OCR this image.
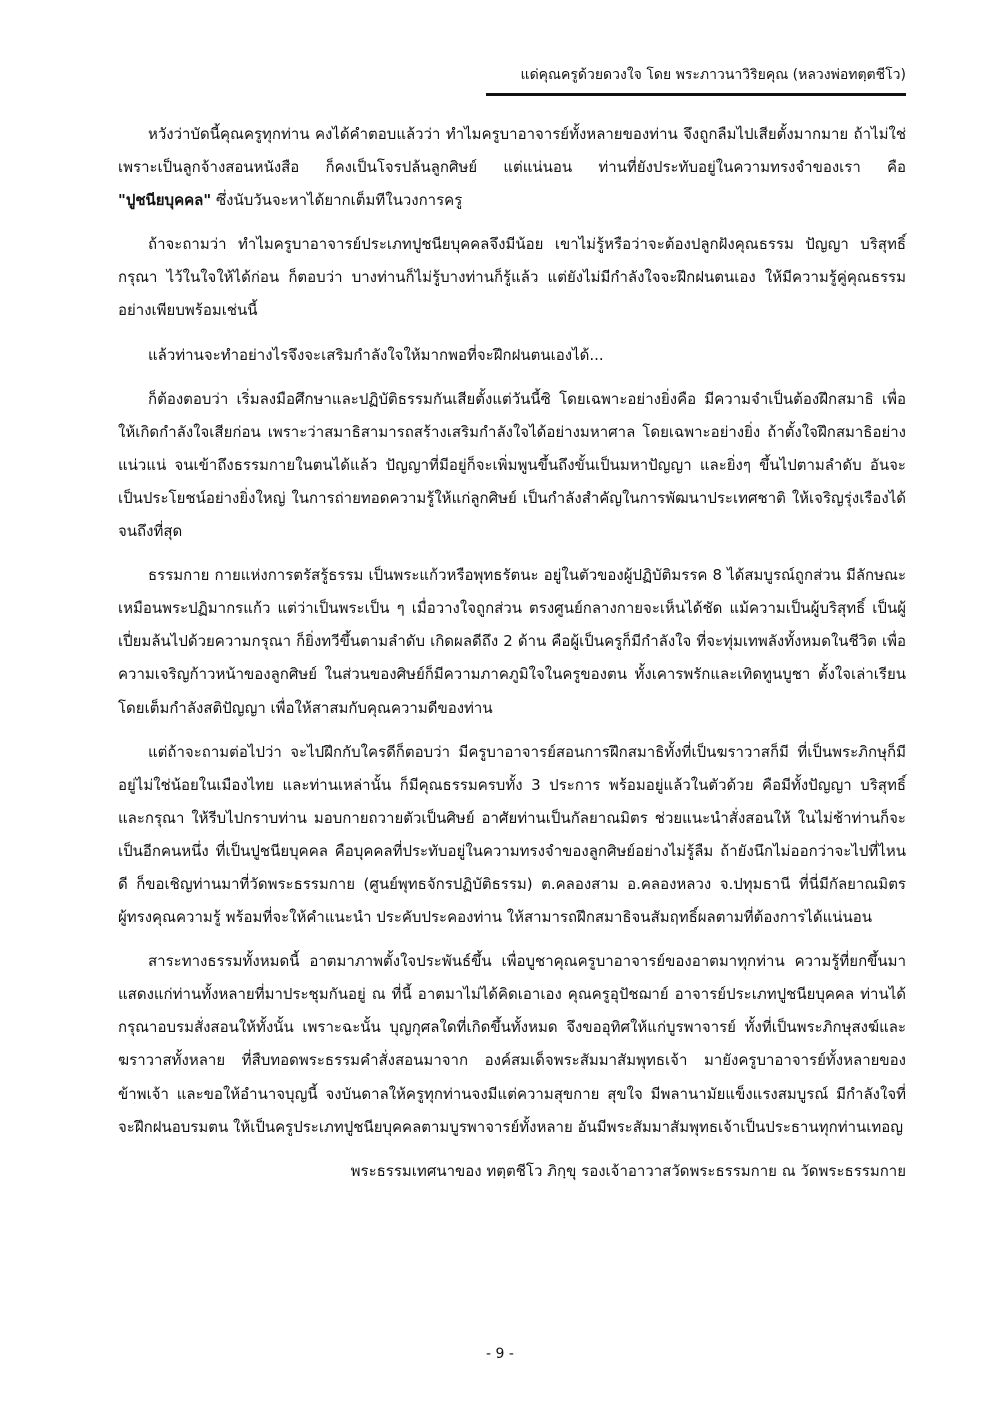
แด่คุณครูด้วยดวงใจ โดย พระภาวนาวิริยคุณ (หลวงพ่อทตฺตชีโว)

หวังว่าบัดนี้คุณครูทุกท่าน คงได้คำตอบแล้วว่า ทำไมครูบาอาจารย์ทั้งหลายของท่าน จึงถูกลืมไปเสียตั้งมากมาย ถ้าไม่ใช่เพราะเป็นลูกจ้างสอนหนังสือ ก็คงเป็นโจรปล้นลูกศิษย์ แต่แน่นอน ท่านที่ยังประทับอยู่ในความทรงจำของเรา คือ "ปูชนียบุคคล" ซึ่งนับวันจะหาได้ยากเต็มทีในวงการครู

ถ้าจะถามว่า ทำไมครูบาอาจารย์ประเภทปูชนียบุคคลจึงมีน้อย เขาไม่รู้หรือว่าจะต้องปลูกฝังคุณธรรม ปัญญา บริสุทธิ์ กรุณา ไว้ในใจให้ได้ก่อน ก็ตอบว่า บางท่านก็ไม่รู้บางท่านก็รู้แล้ว แต่ยังไม่มีกำลังใจจะฝึกฝนตนเอง ให้มีความรู้คู่คุณธรรมอย่างเพียบพร้อมเช่นนี้

แล้วท่านจะทำอย่างไรจึงจะเสริมกำลังใจให้มากพอที่จะฝึกฝนตนเองได้...

ก็ต้องตอบว่า เริ่มลงมือศึกษาและปฏิบัติธรรมกันเสียตั้งแต่วันนี้ซิ โดยเฉพาะอย่างยิ่งคือ มีความจำเป็นต้องฝึกสมาธิ เพื่อให้เกิดกำลังใจเสียก่อน เพราะว่าสมาธิสามารถสร้างเสริมกำลังใจได้อย่างมหาศาล โดยเฉพาะอย่างยิ่ง ถ้าตั้งใจฝึกสมาธิอย่างแน่วแน่ จนเข้าถึงธรรมกายในตนได้แล้ว ปัญญาที่มีอยู่ก็จะเพิ่มพูนขึ้นถึงขั้นเป็นมหาปัญญา และยิ่งๆ ขึ้นไปตามลำดับ อันจะเป็นประโยชน์อย่างยิ่งใหญ่ ในการถ่ายทอดความรู้ให้แก่ลูกศิษย์ เป็นกำลังสำคัญในการพัฒนาประเทศชาติ ให้เจริญรุ่งเรืองได้จนถึงที่สุด

ธรรมกาย กายแห่งการตรัสรู้ธรรม เป็นพระแก้วหรือพุทธรัตนะ อยู่ในตัวของผู้ปฏิบัติมรรค 8 ได้สมบูรณ์ถูกส่วน มีลักษณะเหมือนพระปฏิมากรแก้ว แต่ว่าเป็นพระเป็น ๆ เมื่อวางใจถูกส่วน ตรงศูนย์กลางกายจะเห็นได้ชัด แม้ความเป็นผู้บริสุทธิ์ เป็นผู้เปี่ยมล้นไปด้วยความกรุณา ก็ยิ่งทวีขึ้นตามลำดับ เกิดผลดีถึง 2 ด้าน คือผู้เป็นครูก็มีกำลังใจ ที่จะทุ่มเทพลังทั้งหมดในชีวิต เพื่อความเจริญก้าวหน้าของลูกศิษย์ ในส่วนของศิษย์ก็มีความภาคภูมิใจในครูของตน ทั้งเคารพรักและเทิดทูนบูชา ตั้งใจเล่าเรียนโดยเต็มกำลังสติปัญญา เพื่อให้สาสมกับคุณความดีของท่าน

แต่ถ้าจะถามต่อไปว่า จะไปฝึกกับใครดีก็ตอบว่า มีครูบาอาจารย์สอนการฝึกสมาธิทั้งที่เป็นฆราวาสก็มี ที่เป็นพระภิกษุก็มีอยู่ไม่ใช่น้อยในเมืองไทย และท่านเหล่านั้น ก็มีคุณธรรมครบทั้ง 3 ประการ พร้อมอยู่แล้วในตัวด้วย คือมีทั้งปัญญา บริสุทธิ์ และกรุณา ให้รีบไปกราบท่าน มอบกายถวายตัวเป็นศิษย์ อาศัยท่านเป็นกัลยาณมิตร ช่วยแนะนำสั่งสอนให้ ในไม่ช้าท่านก็จะเป็นอีกคนหนึ่ง ที่เป็นปูชนียบุคคล คือบุคคลที่ประทับอยู่ในความทรงจำของลูกศิษย์อย่างไม่รู้ลืม ถ้ายังนึกไม่ออกว่าจะไปที่ไหนดี ก็ขอเชิญท่านมาที่วัดพระธรรมกาย (ศูนย์พุทธจักรปฏิบัติธรรม) ต.คลองสาม อ.คลองหลวง จ.ปทุมธานี ที่นี่มีกัลยาณมิตรผู้ทรงคุณความรู้ พร้อมที่จะให้คำแนะนำ ประคับประคองท่าน ให้สามารถฝึกสมาธิจนสัมฤทธิ์ผลตามที่ต้องการได้แน่นอน

สาระทางธรรมทั้งหมดนี้ อาตมาภาพตั้งใจประพันธ์ขึ้น เพื่อบูชาคุณครูบาอาจารย์ของอาตมาทุกท่าน ความรู้ที่ยกขึ้นมาแสดงแก่ท่านทั้งหลายที่มาประชุมกันอยู่ ณ ที่นี้ อาตมาไม่ได้คิดเอาเอง คุณครูอุปัชฌาย์ อาจารย์ประเภทปูชนียบุคคล ท่านได้กรุณาอบรมสั่งสอนให้ทั้งนั้น เพราะฉะนั้น บุญกุศลใดที่เกิดขึ้นทั้งหมด จึงขออุทิศให้แก่บูรพาจารย์ ทั้งที่เป็นพระภิกษุสงฆ์และฆราวาสทั้งหลาย ที่สืบทอดพระธรรมคำสั่งสอนมาจาก องค์สมเด็จพระสัมมาสัมพุทธเจ้า มายังครูบาอาจารย์ทั้งหลายของข้าพเจ้า และขอให้อำนาจบุญนี้ จงบันดาลให้ครูทุกท่านจงมีแต่ความสุขกาย สุขใจ มีพลานามัยแข็งแรงสมบูรณ์ มีกำลังใจที่จะฝึกฝนอบรมตน ให้เป็นครูประเภทปูชนียบุคคลตามบูรพาจารย์ทั้งหลาย อันมีพระสัมมาสัมพุทธเจ้าเป็นประธานทุกท่านเทอญ

พระธรรมเทศนาของ ทตฺตชีโว ภิกฺขุ รองเจ้าอาวาสวัดพระธรรมกาย ณ วัดพระธรรมกาย

- 9 -
